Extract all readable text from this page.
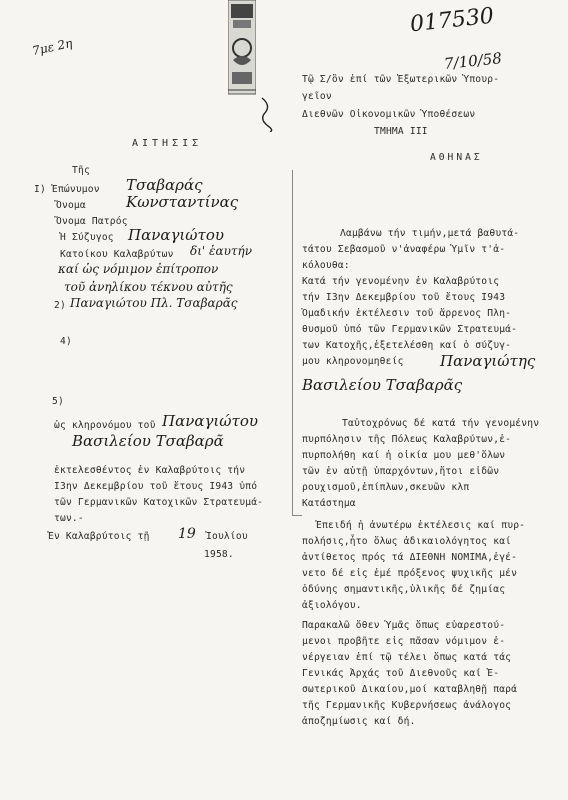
7με 2η
017530
7/10/58
Τῷ Σ/ὃν ἐπί τῶν Ἐξωτερικῶν Ὑπουρ-
γεῖον
Διεθνῶν Οἰκονομικῶν Ὑποθέσεων
ΤΜΗΜΑ III
ΑΘΗΝΑΣ
ΑΙΤΗΣΙΣ
Τῆς
I) Ἐπώνυμον Τσαβαράς
Ὄνομα	Κωνσταντίνας
Ὄνομα Πατρός
Ἡ Σύζυγος Παναγιώτου
Κατοίκου Καλαβρύτων δι' ἑαυτήν
καί ὡς νόμιμον ἐπίτροπον
τοῦ ἀνηλίκου τέκνου αὐτῆς
2) Παναγιώτου Πλ. Τσαβαρᾶς
4)
5)
ὡς κληρονόμου τοῦ Παναγιώτου
Βασιλείου Τσαβαρᾶ
ἐκτελεσθέντος ἐν Καλαβρύτοις τήν
I3ην Δεκεμβρίου τοῦ ἔτους I943 ὑπό
τῶν Γερμανικῶν Κατοχικῶν Στρατευμά-
των.-
Ἐν Καλαβρύτοις τῇ 19 Ἰουλίου
1958.
Λαμβάνω τήν τιμήν,μετά βαθυτά-
τάτου Σεβασμοῦ ν'ἀναφέρω Ὑμῖν τ'ἀ-
κόλουθα:
Κατά τήν γενομένην ἐν Καλαβρύτοις
τήν I3ην Δεκεμβρίου τοῦ ἔτους I943
Ὁμαδικήν ἐκτέλεσιν τοῦ ἄρρενος Πλη-
θυσμοῦ ὑπό τῶν Γερμανικῶν Στρατευμά-
των Κατοχῆς,ἐξετελέσθη καί ὁ σύζυγ-
μου κληρονομηθείς Παναγιώτης
Βασιλείου Τσαβαρᾶς
Ταὐτοχρόνως δέ κατά τήν γενομένην
πυρπόλησιν τῆς Πόλεως Καλαβρύτων,ἐ-
πυρπολήθη καί ἡ οἰκία μου μεθ'ὅλων
τῶν ἐν αὐτῇ ὑπαρχόντων,ἤτοι εἰδῶν
ρουχισμοῦ,ἐπίπλων,σκευῶν κλπ
Κατάστημα
Ἐπειδή ἡ ἀνωτέρω ἐκτέλεσις καί πυρ-
πολήσις,ἦτο ὅλως ἀδικαιολόγητος καί
ἀντίθετος πρός τά ΔΙΕΘΝΗ ΝΟΜΙΜΑ,ἐγέ-
νετο δέ εἰς ἐμέ πρόξενος ψυχικῆς μέν
ὀδύνης σημαντικῆς,ὑλικῆς δέ ζημίας
ἀξιολόγου.
Παρακαλῶ ὅθεν Ὑμᾶς ὅπως εὐαρεστού-
μενοι προβῆτε εἰς πᾶσαν νόμιμον ἐ-
νέργειαν ἐπί τῷ τέλει ὅπως κατά τάς
Γενικάς Ἀρχάς τοῦ Διεθνοῦς καί Ἐ-
σωτερικοῦ Δικαίου,μοί καταβληθῇ παρά
τῆς Γερμανικῆς Κυβερνήσεως ἀνάλογος
ἀποζημίωσις καί δή.
